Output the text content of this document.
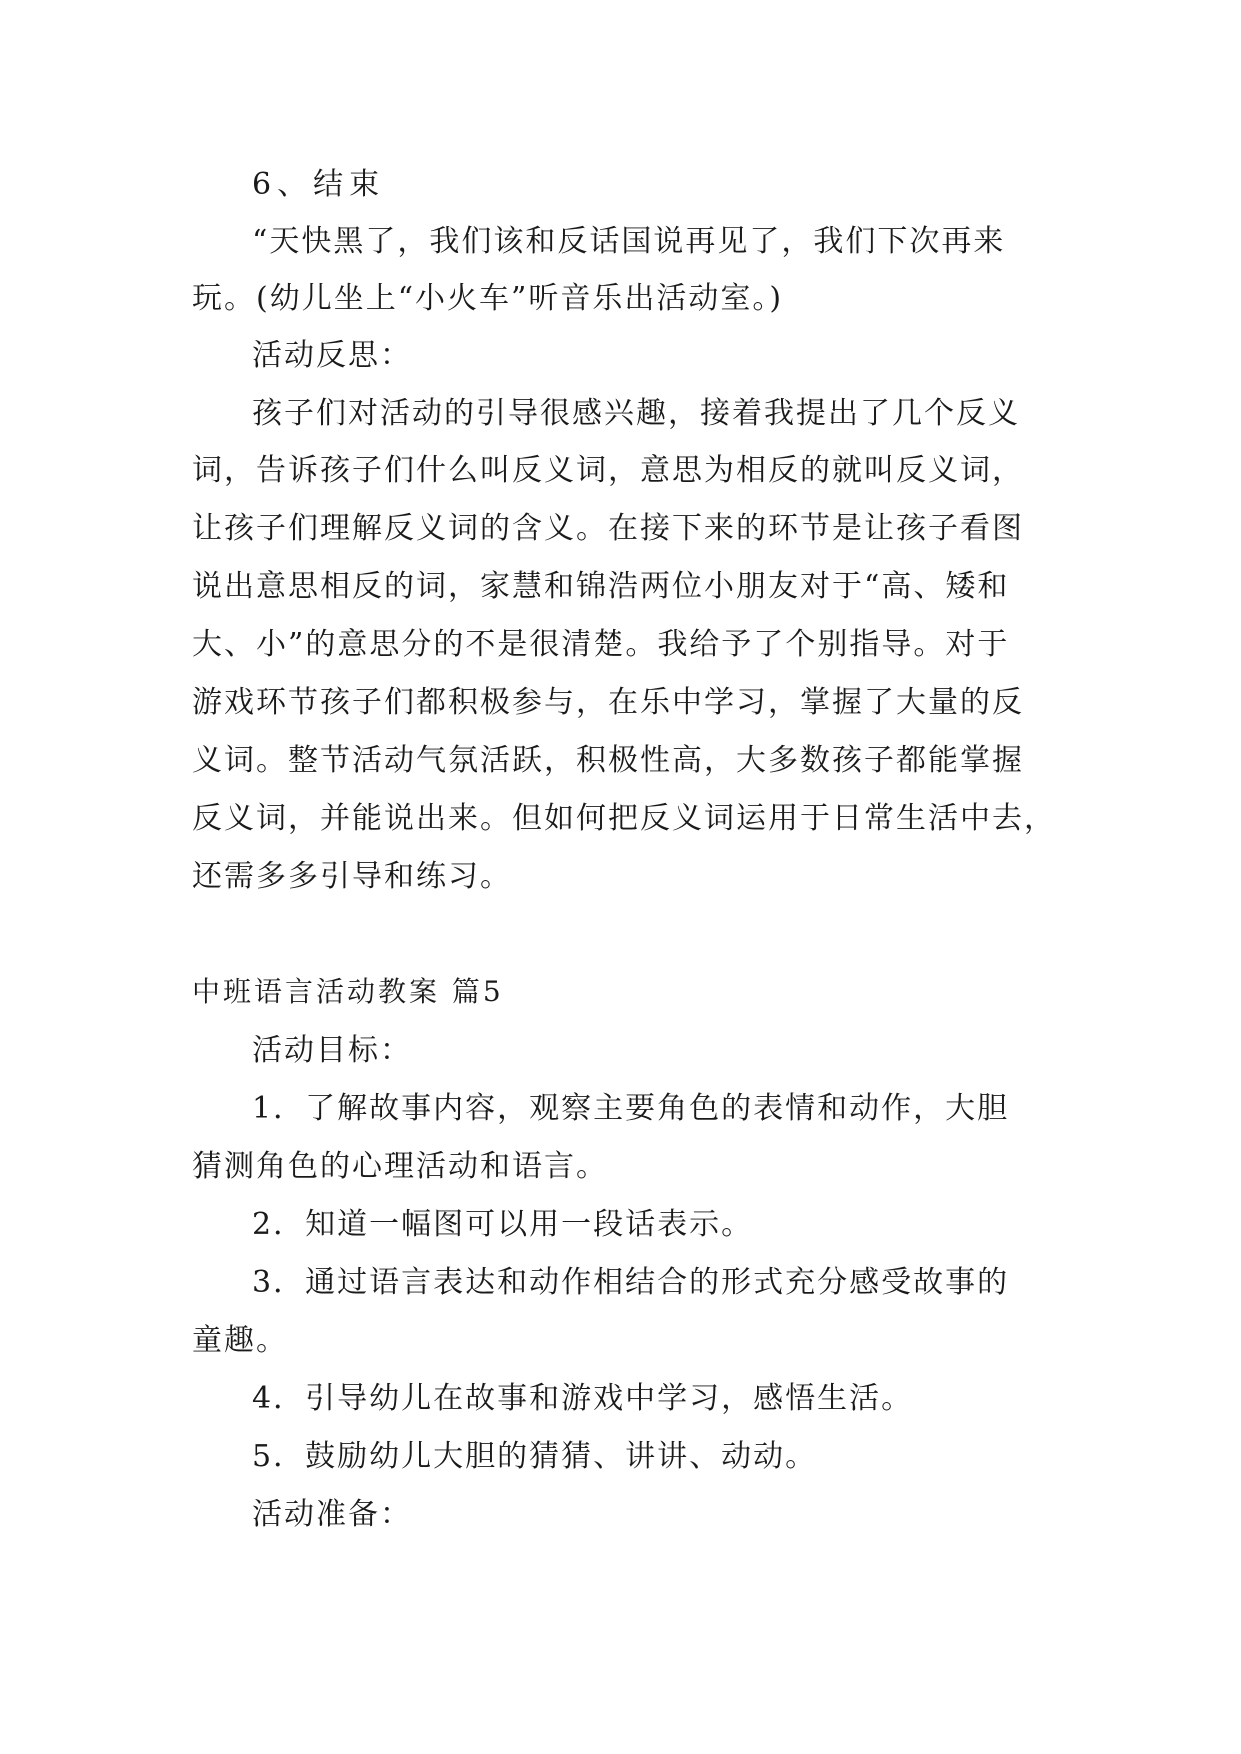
6、结束

“天快黑了，我们该和反话国说再见了，我们下次再来

玩。(幼儿坐上“小火车”听音乐出活动室。)

活动反思：

孩子们对活动的引导很感兴趣，接着我提出了几个反义

词，告诉孩子们什么叫反义词，意思为相反的就叫反义词，

让孩子们理解反义词的含义。在接下来的环节是让孩子看图

说出意思相反的词，家慧和锦浩两位小朋友对于“高、矮和

大、小”的意思分的不是很清楚。我给予了个别指导。对于

游戏环节孩子们都积极参与，在乐中学习，掌握了大量的反

义词。整节活动气氛活跃，积极性高，大多数孩子都能掌握

反义词，并能说出来。但如何把反义词运用于日常生活中去，

还需多多引导和练习。

中班语言活动教案 篇5

活动目标：

1．了解故事内容，观察主要角色的表情和动作，大胆

猜测角色的心理活动和语言。

2．知道一幅图可以用一段话表示。

3．通过语言表达和动作相结合的形式充分感受故事的

童趣。

4．引导幼儿在故事和游戏中学习，感悟生活。

5．鼓励幼儿大胆的猜猜、讲讲、动动。

活动准备：
